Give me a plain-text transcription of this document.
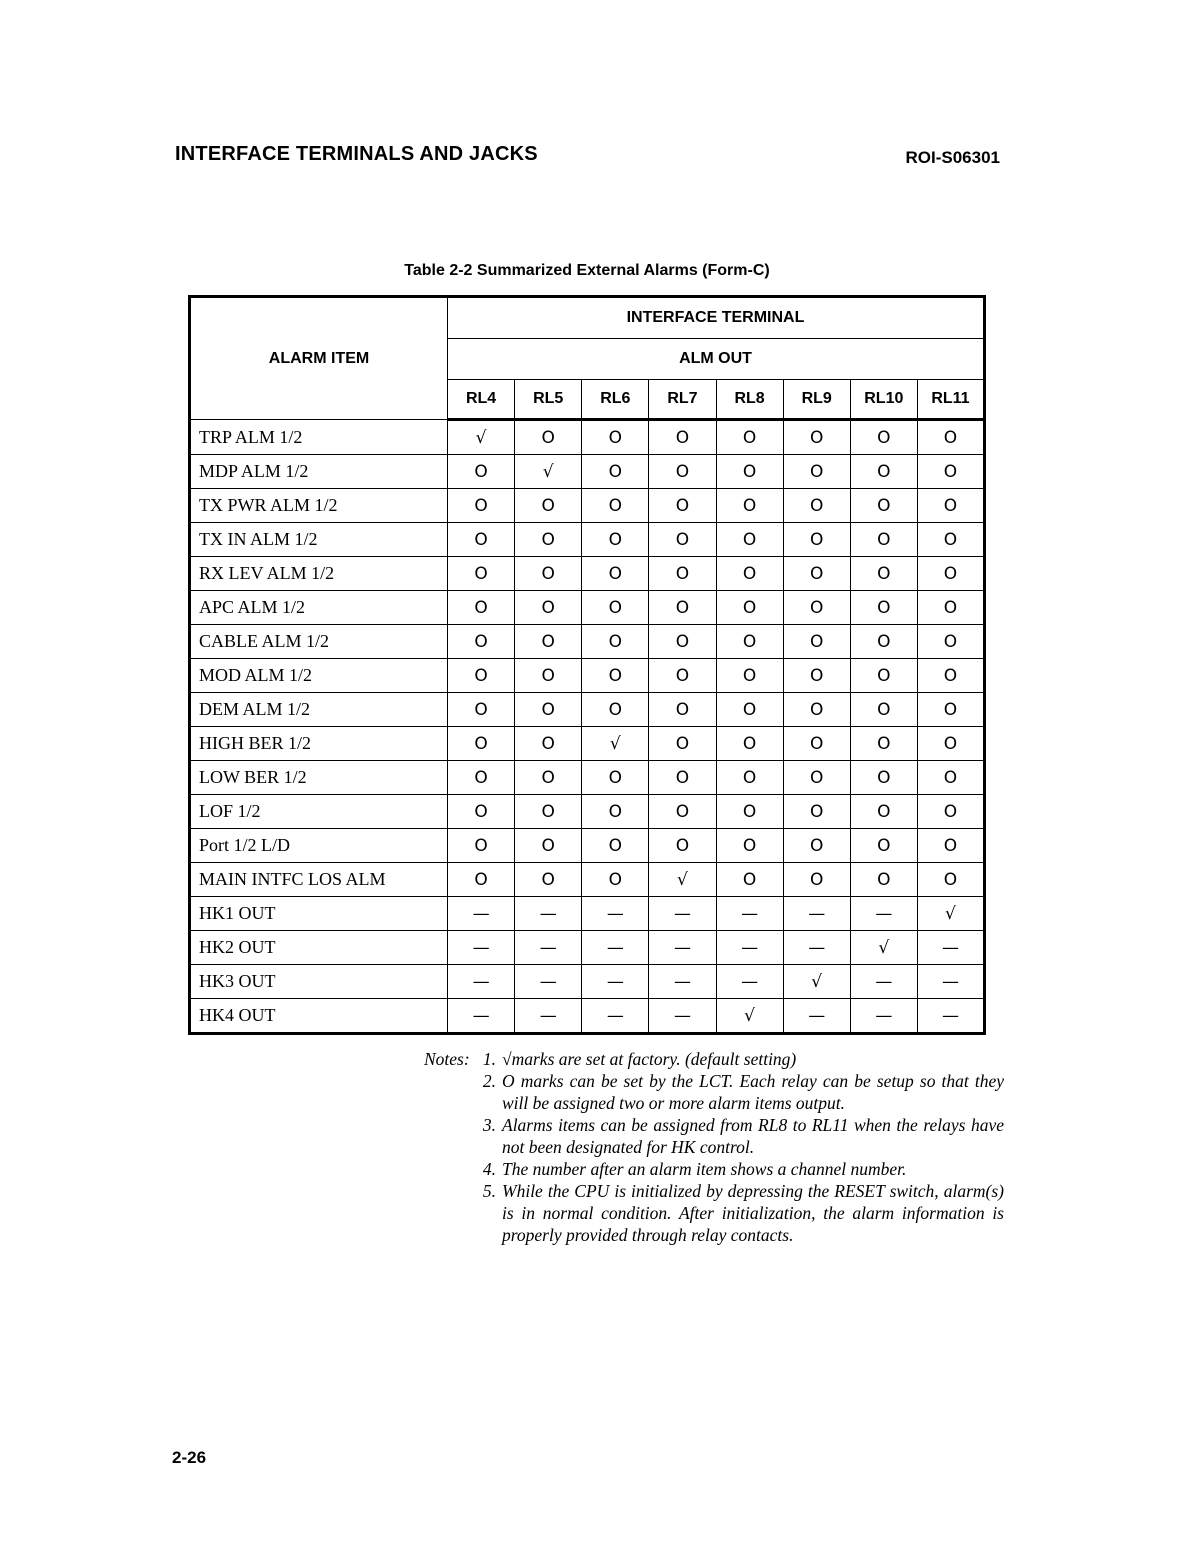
INTERFACE TERMINALS AND JACKS	ROI-S06301
Table 2-2 Summarized External Alarms (Form-C)
ALARM ITEM	INTERFACE TERMINAL							
	ALM OUT							
	RL4	RL5	RL6	RL7	RL8	RL9	RL10	RL11
TRP ALM 1/2	√	O	O	O	O	O	O	O
MDP ALM 1/2	O	√	O	O	O	O	O	O
TX PWR ALM 1/2	O	O	O	O	O	O	O	O
TX IN ALM 1/2	O	O	O	O	O	O	O	O
RX LEV ALM 1/2	O	O	O	O	O	O	O	O
APC ALM 1/2	O	O	O	O	O	O	O	O
CABLE ALM 1/2	O	O	O	O	O	O	O	O
MOD ALM 1/2	O	O	O	O	O	O	O	O
DEM ALM 1/2	O	O	O	O	O	O	O	O
HIGH BER 1/2	O	O	√	O	O	O	O	O
LOW BER 1/2	O	O	O	O	O	O	O	O
LOF 1/2	O	O	O	O	O	O	O	O
Port 1/2 L/D	O	O	O	O	O	O	O	O
MAIN INTFC LOS ALM	O	O	O	√	O	O	O	O
HK1 OUT	—	—	—	—	—	—	—	√
HK2 OUT	—	—	—	—	—	—	√	—
HK3 OUT	—	—	—	—	—	√	—	—
HK4 OUT	—	—	—	—	√	—	—	—
Notes: 1. √marks are set at factory. (default setting)
2. O marks can be set by the LCT. Each relay can be setup so that they will be assigned two or more alarm items output.
3. Alarms items can be assigned from RL8 to RL11 when the relays have not been designated for HK control.
4. The number after an alarm item shows a channel number.
5. While the CPU is initialized by depressing the RESET switch, alarm(s) is in normal condition. After initialization, the alarm information is properly provided through relay contacts.
2-26
